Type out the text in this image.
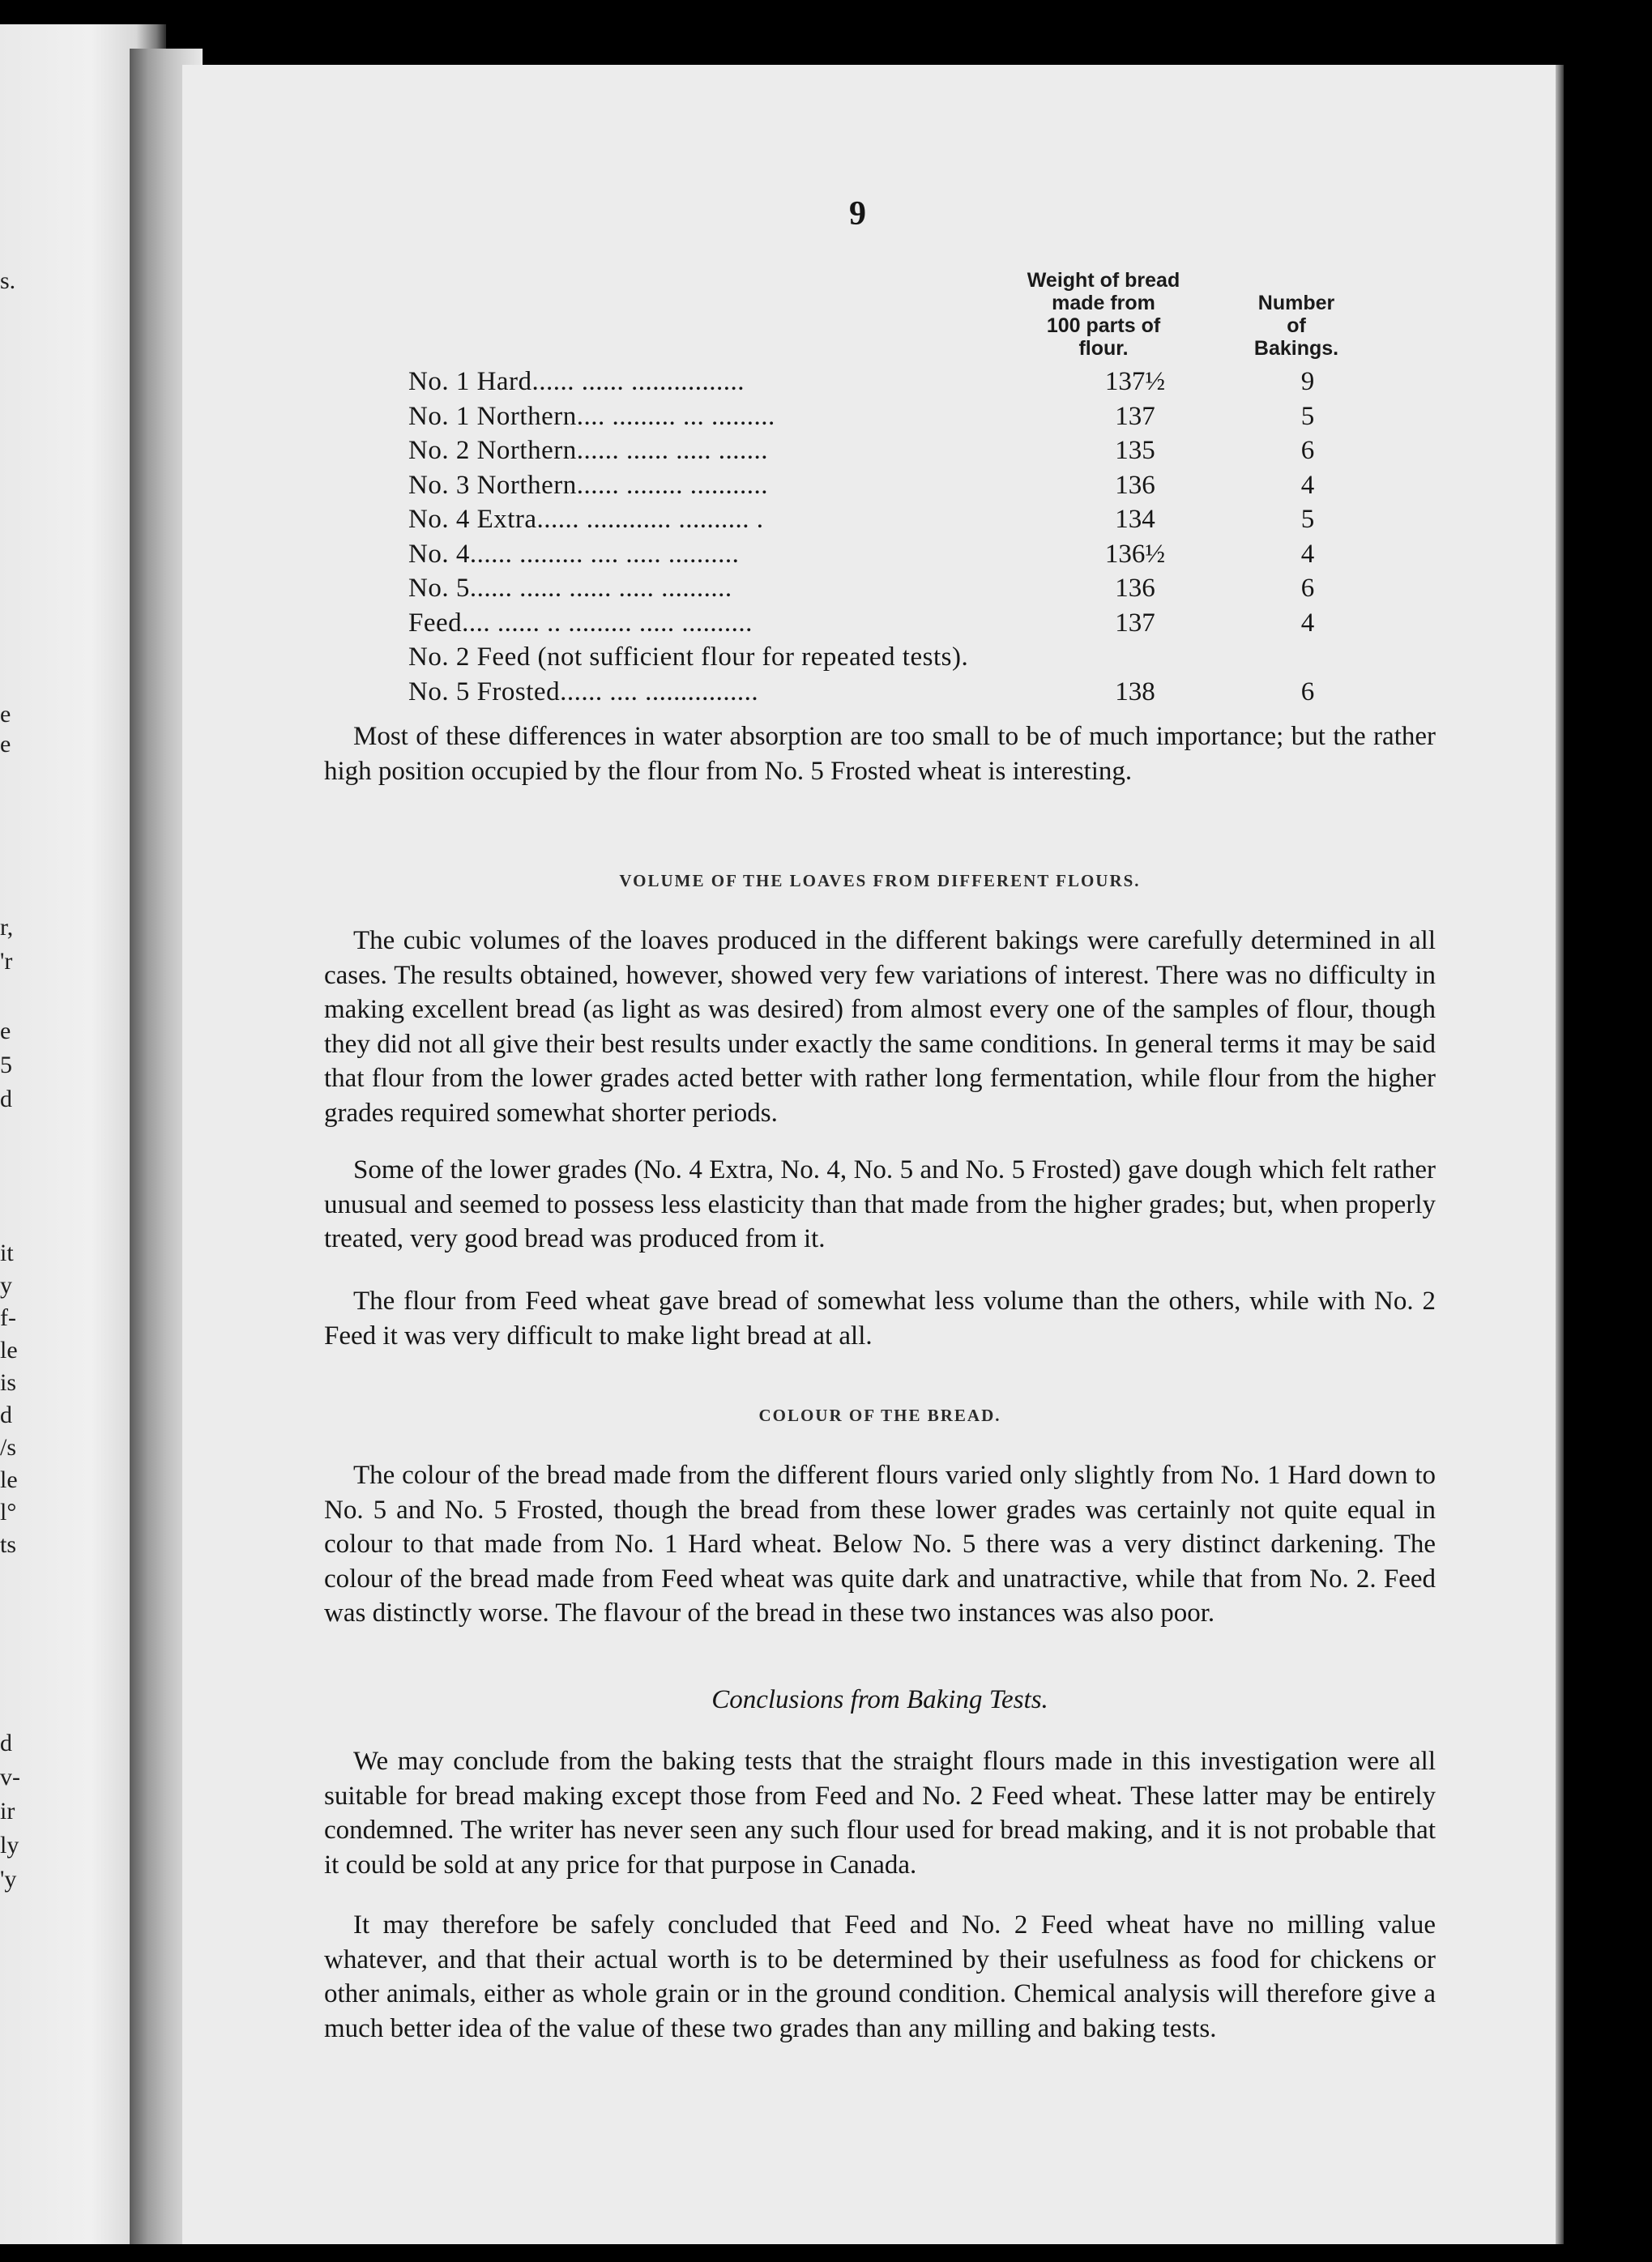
s.
e
e
r,
'r
e
5
d
it
y
f-
le
is
d
/s
le
l°
ts
d
v-
ir
ly
'y
9
Weight of bread
made from
100 parts of
flour.
Number
of
Bakings.
No. 1 Hard...... ...... ................	137½	9
No. 1 Northern.... ......... ... .........	137	5
No. 2 Northern...... ...... ..... .......	135	6
No. 3 Northern...... ........ ...........	136	4
No. 4 Extra...... ............ .......... .	134	5
No. 4...... ......... .... ..... ..........	136½	4
No. 5...... ...... ...... ..... ..........	136	6
Feed.... ...... .. ......... ..... ..........	137	4
No. 2 Feed (not sufficient flour for repeated tests).
No. 5 Frosted...... .... ................	138	6

Most of these differences in water absorption are too small to be of much importance; but the rather high position occupied by the flour from No. 5 Frosted wheat is interesting.

VOLUME OF THE LOAVES FROM DIFFERENT FLOURS.

The cubic volumes of the loaves produced in the different bakings were carefully determined in all cases. The results obtained, however, showed very few variations of interest. There was no difficulty in making excellent bread (as light as was desired) from almost every one of the samples of flour, though they did not all give their best results under exactly the same conditions. In general terms it may be said that flour from the lower grades acted better with rather long fermentation, while flour from the higher grades required somewhat shorter periods.

Some of the lower grades (No. 4 Extra, No. 4, No. 5 and No. 5 Frosted) gave dough which felt rather unusual and seemed to possess less elasticity than that made from the higher grades; but, when properly treated, very good bread was produced from it.

The flour from Feed wheat gave bread of somewhat less volume than the others, while with No. 2 Feed it was very difficult to make light bread at all.

COLOUR OF THE BREAD.

The colour of the bread made from the different flours varied only slightly from No. 1 Hard down to No. 5 and No. 5 Frosted, though the bread from these lower grades was certainly not quite equal in colour to that made from No. 1 Hard wheat. Below No. 5 there was a very distinct darkening. The colour of the bread made from Feed wheat was quite dark and unatractive, while that from No. 2. Feed was distinctly worse. The flavour of the bread in these two instances was also poor.

Conclusions from Baking Tests.

We may conclude from the baking tests that the straight flours made in this investigation were all suitable for bread making except those from Feed and No. 2 Feed wheat. These latter may be entirely condemned. The writer has never seen any such flour used for bread making, and it is not probable that it could be sold at any price for that purpose in Canada.

It may therefore be safely concluded that Feed and No. 2 Feed wheat have no milling value whatever, and that their actual worth is to be determined by their usefulness as food for chickens or other animals, either as whole grain or in the ground condition. Chemical analysis will therefore give a much better idea of the value of these two grades than any milling and baking tests.
